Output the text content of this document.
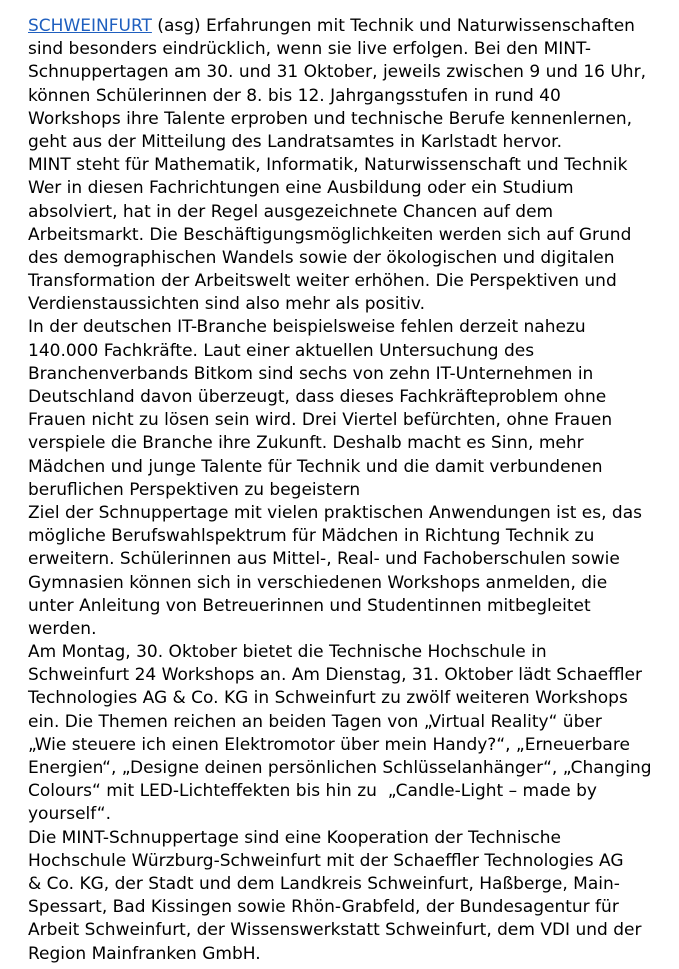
SCHWEINFURT (asg) Erfahrungen mit Technik und Naturwissenschaften
sind besonders eindrücklich, wenn sie live erfolgen. Bei den MINT-
Schnuppertagen am 30. und 31 Oktober, jeweils zwischen 9 und 16 Uhr,
können Schülerinnen der 8. bis 12. Jahrgangsstufen in rund 40
Workshops ihre Talente erproben und technische Berufe kennenlernen,
geht aus der Mitteilung des Landratsamtes in Karlstadt hervor.
MINT steht für Mathematik, Informatik, Naturwissenschaft und Technik
Wer in diesen Fachrichtungen eine Ausbildung oder ein Studium
absolviert, hat in der Regel ausgezeichnete Chancen auf dem
Arbeitsmarkt. Die Beschäftigungsmöglichkeiten werden sich auf Grund
des demographischen Wandels sowie der ökologischen und digitalen
Transformation der Arbeitswelt weiter erhöhen. Die Perspektiven und
Verdienstaussichten sind also mehr als positiv.
In der deutschen IT-Branche beispielsweise fehlen derzeit nahezu
140.000 Fachkräfte. Laut einer aktuellen Untersuchung des
Branchenverbands Bitkom sind sechs von zehn IT-Unternehmen in
Deutschland davon überzeugt, dass dieses Fachkräfteproblem ohne
Frauen nicht zu lösen sein wird. Drei Viertel befürchten, ohne Frauen
verspiele die Branche ihre Zukunft. Deshalb macht es Sinn, mehr
Mädchen und junge Talente für Technik und die damit verbundenen
beruflichen Perspektiven zu begeistern
Ziel der Schnuppertage mit vielen praktischen Anwendungen ist es, das
mögliche Berufswahlspektrum für Mädchen in Richtung Technik zu
erweitern. Schülerinnen aus Mittel-, Real- und Fachoberschulen sowie
Gymnasien können sich in verschiedenen Workshops anmelden, die
unter Anleitung von Betreuerinnen und Studentinnen mitbegleitet
werden.
Am Montag, 30. Oktober bietet die Technische Hochschule in
Schweinfurt 24 Workshops an. Am Dienstag, 31. Oktober lädt Schaeffler
Technologies AG & Co. KG in Schweinfurt zu zwölf weiteren Workshops
ein. Die Themen reichen an beiden Tagen von „Virtual Reality“ über
„Wie steuere ich einen Elektromotor über mein Handy?“, „Erneuerbare
Energien“, „Designe deinen persönlichen Schlüsselanhänger“, „Changing
Colours“ mit LED-Lichteffekten bis hin zu  „Candle-Light – made by
yourself“.
Die MINT-Schnuppertage sind eine Kooperation der Technische
Hochschule Würzburg-Schweinfurt mit der Schaeffler Technologies AG
& Co. KG, der Stadt und dem Landkreis Schweinfurt, Haßberge, Main-
Spessart, Bad Kissingen sowie Rhön-Grabfeld, der Bundesagentur für
Arbeit Schweinfurt, der Wissenswerkstatt Schweinfurt, dem VDI und der
Region Mainfranken GmbH.
